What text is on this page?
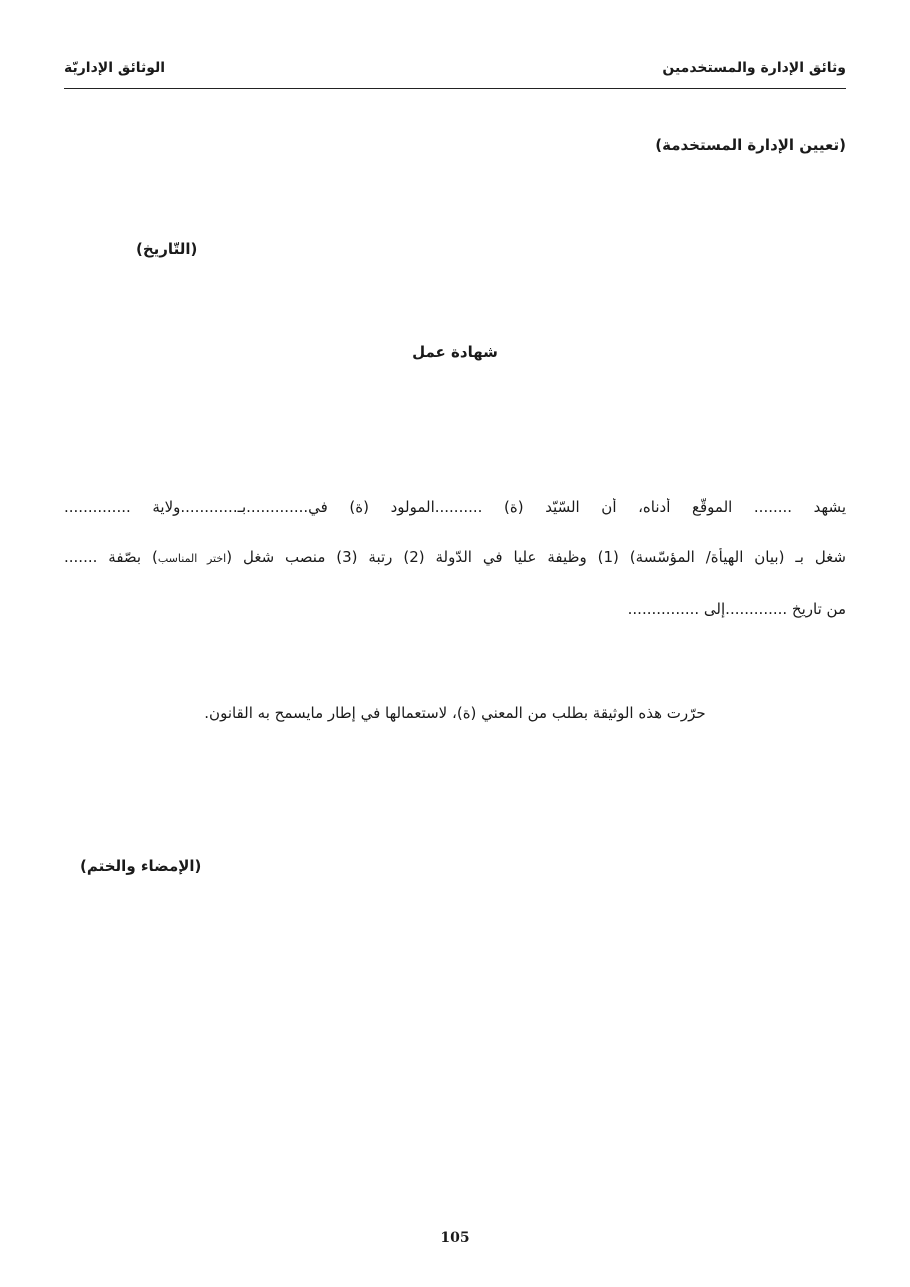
وثائق الإدارة والمستخدمين
الوثائق الإداريّة
(تعيين الإدارة المستخدمة)
(التّاريخ)
شهادة عمل
يشهد ........ الموقّع أدناه، أن السّيّد (ة) ..........المولود (ة) في.............بـ............ولاية ..............
شغل بـ (بيان الهيأة/ المؤسّسة) (1) وظيفة عليا في الدّولة (2) رتبة (3) منصب شغل (اختر المناسب) بصّفة .......
من تاريخ .............إلى ...............
حرّرت هذه الوثيقة بطلب من المعني (ة)، لاستعمالها في إطار مايسمح به القانون.
(الإمضاء والختم)
105
